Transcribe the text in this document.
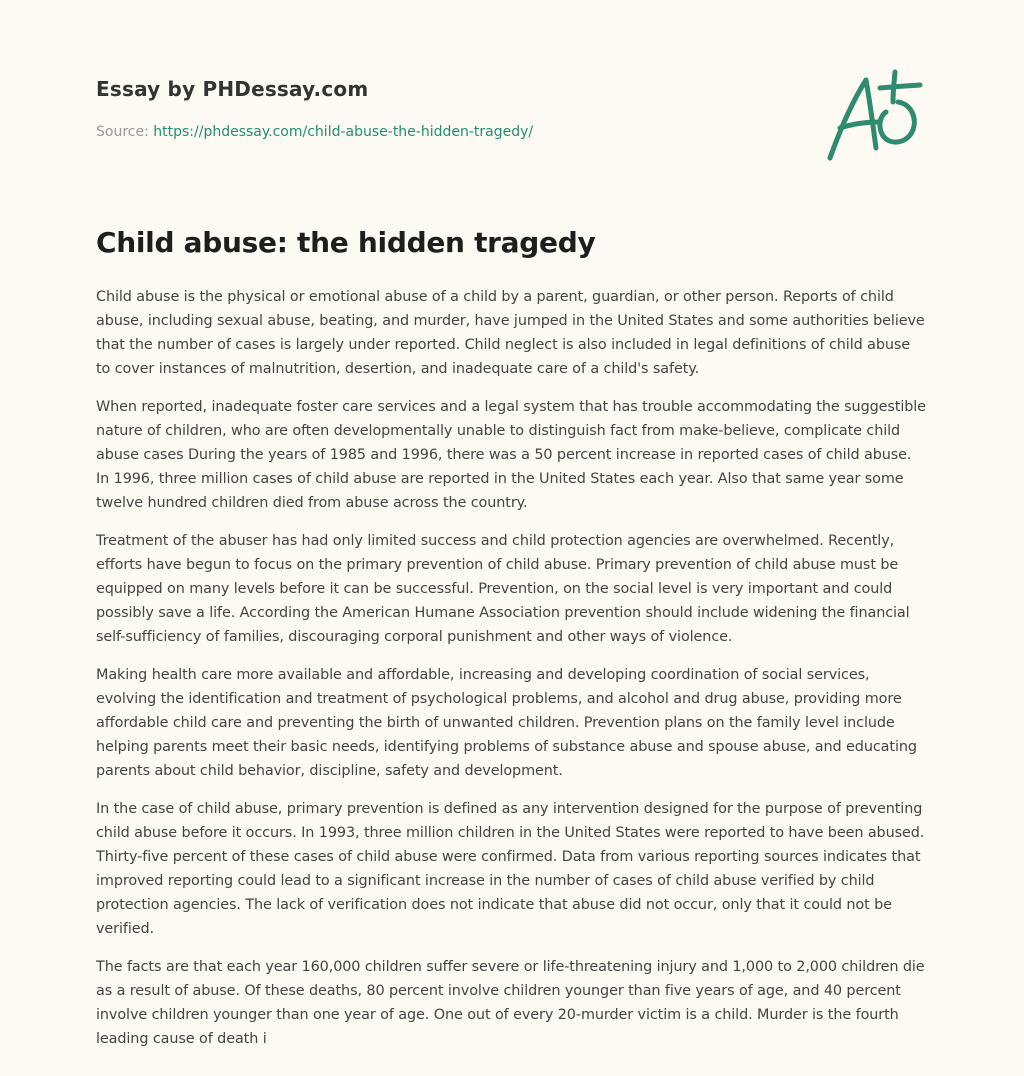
Essay by PHDessay.com
Source: https://phdessay.com/child-abuse-the-hidden-tragedy/
Child abuse: the hidden tragedy

Child abuse is the physical or emotional abuse of a child by a parent, guardian, or other person. Reports of child abuse, including sexual abuse, beating, and murder, have jumped in the United States and some authorities believe that the number of cases is largely under reported. Child neglect is also included in legal definitions of child abuse to cover instances of malnutrition, desertion, and inadequate care of a child's safety.

When reported, inadequate foster care services and a legal system that has trouble accommodating the suggestible nature of children, who are often developmentally unable to distinguish fact from make-believe, complicate child abuse cases During the years of 1985 and 1996, there was a 50 percent increase in reported cases of child abuse. In 1996, three million cases of child abuse are reported in the United States each year. Also that same year some twelve hundred children died from abuse across the country.

Treatment of the abuser has had only limited success and child protection agencies are overwhelmed. Recently, efforts have begun to focus on the primary prevention of child abuse. Primary prevention of child abuse must be equipped on many levels before it can be successful. Prevention, on the social level is very important and could possibly save a life. According the American Humane Association prevention should include widening the financial self-sufficiency of families, discouraging corporal punishment and other ways of violence.

Making health care more available and affordable, increasing and developing coordination of social services, evolving the identification and treatment of psychological problems, and alcohol and drug abuse, providing more affordable child care and preventing the birth of unwanted children. Prevention plans on the family level include helping parents meet their basic needs, identifying problems of substance abuse and spouse abuse, and educating parents about child behavior, discipline, safety and development.

In the case of child abuse, primary prevention is defined as any intervention designed for the purpose of preventing child abuse before it occurs. In 1993, three million children in the United States were reported to have been abused. Thirty-five percent of these cases of child abuse were confirmed. Data from various reporting sources indicates that improved reporting could lead to a significant increase in the number of cases of child abuse verified by child protection agencies. The lack of verification does not indicate that abuse did not occur, only that it could not be verified.

The facts are that each year 160,000 children suffer severe or life-threatening injury and 1,000 to 2,000 children die as a result of abuse. Of these deaths, 80 percent involve children younger than five years of age, and 40 percent involve children younger than one year of age. One out of every 20-murder victim is a child. Murder is the fourth leading cause of death i
